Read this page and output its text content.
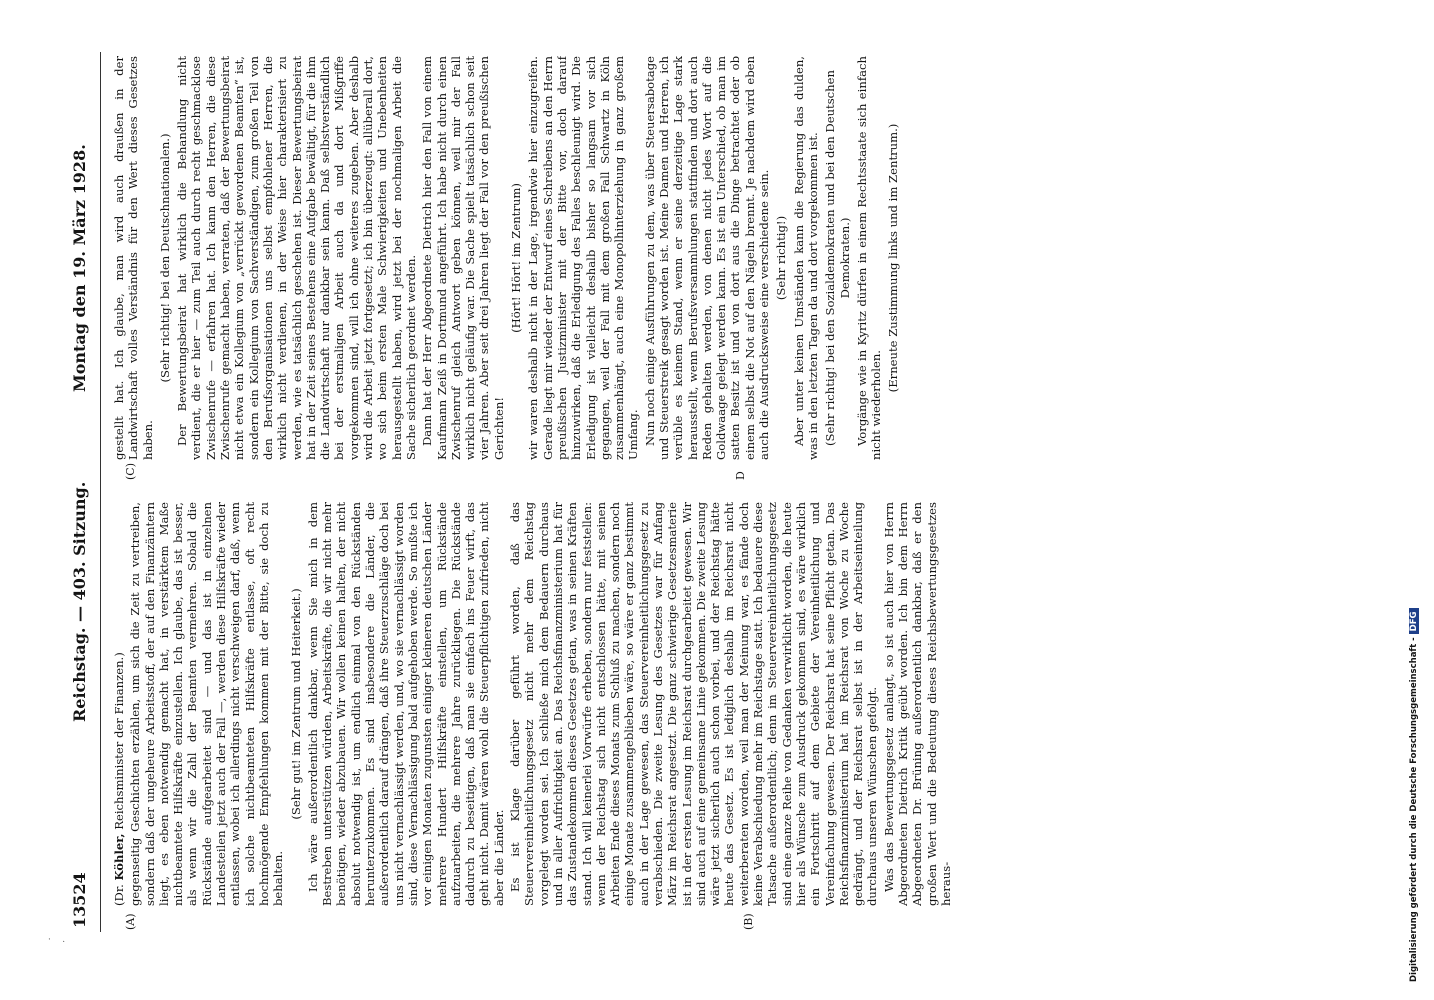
13524
Reichstag. — 403. Sitzung.
Montag den 19. März 1928.
(A)	(B)
(C)	D

(Dr. Köhler, Reichsminister der Finanzen.) gegenseitig Geschichten erzählen, um sich die Zeit zu vertreiben, sondern daß der ungeheure Arbeitsstoff, der auf den Finanzämtern liegt, es eben notwendig gemacht hat, in verstärktem Maße nichtbeamtete Hilfskräfte einzustellen. Ich glaube, das ist besser, als wenn wir die Zahl der Beamten vermehren. Sobald die Rückstände aufgearbeitet sind — und das ist in einzelnen Landesteilen jetzt auch der Fall —, werden diese Hilfskräfte wieder entlassen, wobei ich allerdings nicht verschweigen darf, daß, wenn ich solche nichtbeamteten Hilfskräfte entlasse, oft recht hochmögende Empfehlungen kommen mit der Bitte, sie doch zu behalten.

(Sehr gut! im Zentrum und Heiterkeit.) Ich wäre außerordentlich dankbar, wenn Sie mich in dem Bestreben unterstützen würden, Arbeitskräfte, die wir nicht mehr benötigen, wieder abzubauen. Wir wollen keinen halten, der nicht absolut notwendig ist, um endlich einmal von den Rückständen herunterzukommen. Es sind insbesondere die Länder, die außerordentlich darauf drängen, daß ihre Steuerzuschläge doch bei uns nicht vernachlässigt werden, und, wo sie vernachlässigt worden sind, diese Vernachlässigung bald aufgehoben werde. So mußte ich vor einigen Monaten zugunsten einiger kleineren deutschen Länder mehrere Hundert Hilfskräfte einstellen, um Rückstände aufzuarbeiten, die mehrere Jahre zurückliegen. Die Rückstände dadurch zu beseitigen, daß man sie einfach ins Feuer wirft, das geht nicht. Damit wären wohl die Steuerpflichtigen zufrieden, nicht aber die Länder. Es ist Klage darüber geführt worden, daß das Steuervereinheitlichungsgesetz nicht mehr dem Reichstag vorgelegt worden sei. Ich schließe mich dem Bedauern durchaus und in aller Aufrichtigkeit an. Das Reichsfinanzministerium hat für das Zustandekommen dieses Gesetzes getan, was in seinen Kräften stand. Ich will keinerlei Vorwürfe erheben, sondern nur feststellen: wenn der Reichstag sich nicht entschlossen hätte, mit seinen Arbeiten Ende dieses Monats zum Schluß zu machen, sondern noch einige Monate zusammengeblieben wäre, so wäre er ganz bestimmt auch in der Lage gewesen, das Steuervereinheitlichungsgesetz zu verabschieden. Die zweite Lesung des Gesetzes war für Anfang März im Reichsrat angesetzt. Die ganz schwierige Gesetzesmaterie ist in der ersten Lesung im Reichsrat durchgearbeitet gewesen. Wir sind auch auf eine gemeinsame Linie gekommen. Die zweite Lesung wäre jetzt sicherlich auch schon vorbei, und der Reichstag hätte heute das Gesetz. Es ist lediglich deshalb im Reichsrat nicht weiterberaten worden, weil man der Meinung war, es fände doch keine Verabschiedung mehr im Reichstage statt. Ich bedauere diese Tatsache außerordentlich; denn im Steuervereinheitlichungsgesetz sind eine ganze Reihe von Gedanken verwirklicht worden, die heute hier als Wünsche zum Ausdruck gekommen sind, es wäre wirklich ein Fortschritt auf dem Gebiete der Vereinheitlichung und Vereinfachung gewesen. Der Reichsrat hat seine Pflicht getan. Das Reichsfinanzministerium hat im Reichsrat von Woche zu Woche gedrängt, und der Reichsrat selbst ist in der Arbeitseinteilung durchaus unseren Wünschen gefolgt. Was das Bewertungsgesetz anlangt, so ist auch hier von Herrn Abgeordneten Dietrich Kritik geübt worden. Ich bin dem Herrn Abgeordneten Dr. Brüning außerordentlich dankbar, daß er den großen Wert und die Bedeutung dieses Reichsbewertungsgesetzes heraus-

gestellt hat. Ich glaube, man wird auch draußen in der Landwirtschaft volles Verständnis für den Wert dieses Gesetzes haben.

(Sehr richtig! bei den Deutschnationalen.) Der Bewertungsbeirat hat wirklich die Behandlung nicht verdient, die er hier — zum Teil auch durch recht geschmacklose Zwischenrufe — erfahren hat. Ich kann den Herren, die diese Zwischenrufe gemacht haben, verraten, daß der Bewertungsbeirat nicht etwa ein Kollegium von „verrückt gewordenen Beamten“ ist, sondern ein Kollegium von Sachverständigen, zum großen Teil von den Berufsorganisationen uns selbst empfohlener Herren, die wirklich nicht verdienen, in der Weise hier charakterisiert zu werden, wie es tatsächlich geschehen ist. Dieser Bewertungsbeirat hat in der Zeit seines Bestehens eine Aufgabe bewältigt, für die ihm die Landwirtschaft nur dankbar sein kann. Daß selbstverständlich bei der erstmaligen Arbeit auch da und dort Mißgriffe vorgekommen sind, will ich ohne weiteres zugeben. Aber deshalb wird die Arbeit jetzt fortgesetzt; ich bin überzeugt: allüberall dort, wo sich beim ersten Male Schwierigkeiten und Unebenheiten herausgestellt haben, wird jetzt bei der nochmaligen Arbeit die Sache sicherlich geordnet werden. Dann hat der Herr Abgeordnete Dietrich hier den Fall von einem Kaufmann Zeiß in Dortmund angeführt. Ich habe nicht durch einen Zwischenruf gleich Antwort geben können, weil mir der Fall wirklich nicht geläufig war. Die Sache spielt tatsächlich schon seit vier Jahren. Aber seit drei Jahren liegt der Fall vor den preußischen Gerichten!

(Hört! Hört! im Zentrum) wir waren deshalb nicht in der Lage, irgendwie hier einzugreifen. Gerade liegt mir wieder der Entwurf eines Schreibens an den Herrn preußischen Justizminister mit der Bitte vor, doch darauf hinzuwirken, daß die Erledigung des Falles beschleunigt wird. Die Erledigung ist vielleicht deshalb bisher so langsam vor sich gegangen, weil der Fall mit dem großen Fall Schwartz in Köln zusammenhängt, auch eine Monopolhinterziehung in ganz großem Umfang. Nun noch einige Ausführungen zu dem, was über Steuersabotage und Steuerstreik gesagt worden ist. Meine Damen und Herren, ich verüble es keinem Stand, wenn er seine derzeitige Lage stark herausstellt, wenn Berufsversammlungen stattfinden und dort auch Reden gehalten werden, von denen nicht jedes Wort auf die Goldwaage gelegt werden kann. Es ist ein Unterschied, ob man im satten Besitz ist und von dort aus die Dinge betrachtet oder ob einem selbst die Not auf den Nägeln brennt. Je nachdem wird eben auch die Ausdrucksweise eine verschiedene sein. (Sehr richtig!) Aber unter keinen Umständen kann die Regierung das dulden, was in den letzten Tagen da und dort vorgekommen ist. (Sehr richtig! bei den Sozialdemokraten und bei den Deutschen Demokraten.) Vorgänge wie in Kyritz dürfen in einem Rechtsstaate sich einfach nicht wiederholen.

(Erneute Zustimmung links und im Zentrum.)

·    .	Digitalisierung gefördert durch die Deutsche Forschungsgemeinschaft -DFG
